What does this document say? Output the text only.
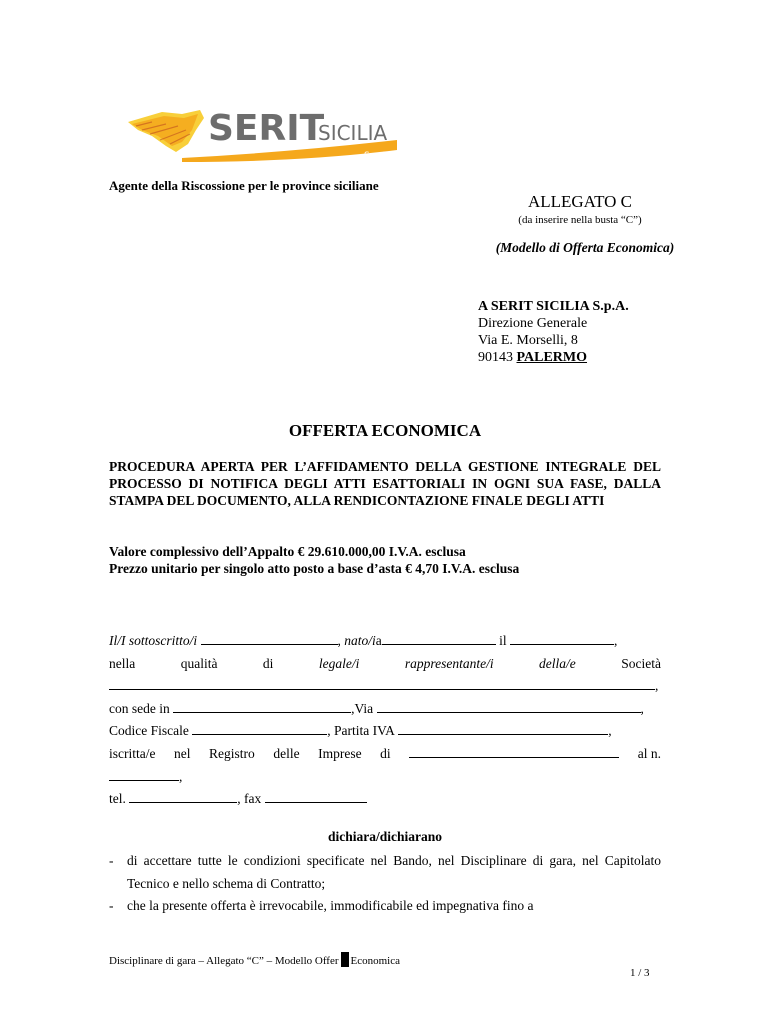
SERIT
SICILIA
S.p.A.
Agente della Riscossione per le province siciliane
ALLEGATO C
(da inserire nella busta “C”)
(Modello di Offerta Economica)
A SERIT SICILIA S.p.A.
Direzione Generale
Via E. Morselli, 8
90143 PALERMO
OFFERTA ECONOMICA
PROCEDURA APERTA PER L’AFFIDAMENTO DELLA GESTIONE INTEGRALE DEL PROCESSO DI NOTIFICA DEGLI ATTI ESATTORIALI IN OGNI SUA FASE, DALLA STAMPA DEL DOCUMENTO, ALLA RENDICONTAZIONE FINALE DEGLI ATTI
Valore complessivo dell’Appalto € 29.610.000,00 I.V.A. esclusa
Prezzo unitario per singolo atto posto a base d’asta € 4,70 I.V.A. esclusa
Il/I sottoscritto/i
	,
nato/i a
	il
	,
nella	qualità	di	legale/i	rappresentante/i	della/e	Società
,
con sede in
	,Via
	,
Codice Fiscale
	, Partita IVA
	,
iscritta/e nel Registro delle Imprese di	al n.
,
tel.
	, fax

dichiara/dichiarano
-	di accettare tutte le condizioni specificate nel Bando, nel Disciplinare di gara, nel Capitolato Tecnico e nello schema di Contratto;
-	che la presente offerta è irrevocabile, immodificabile ed impegnativa fino a
Disciplinare di gara – Allegato “C” – Modello Offer Economica
1 / 3
